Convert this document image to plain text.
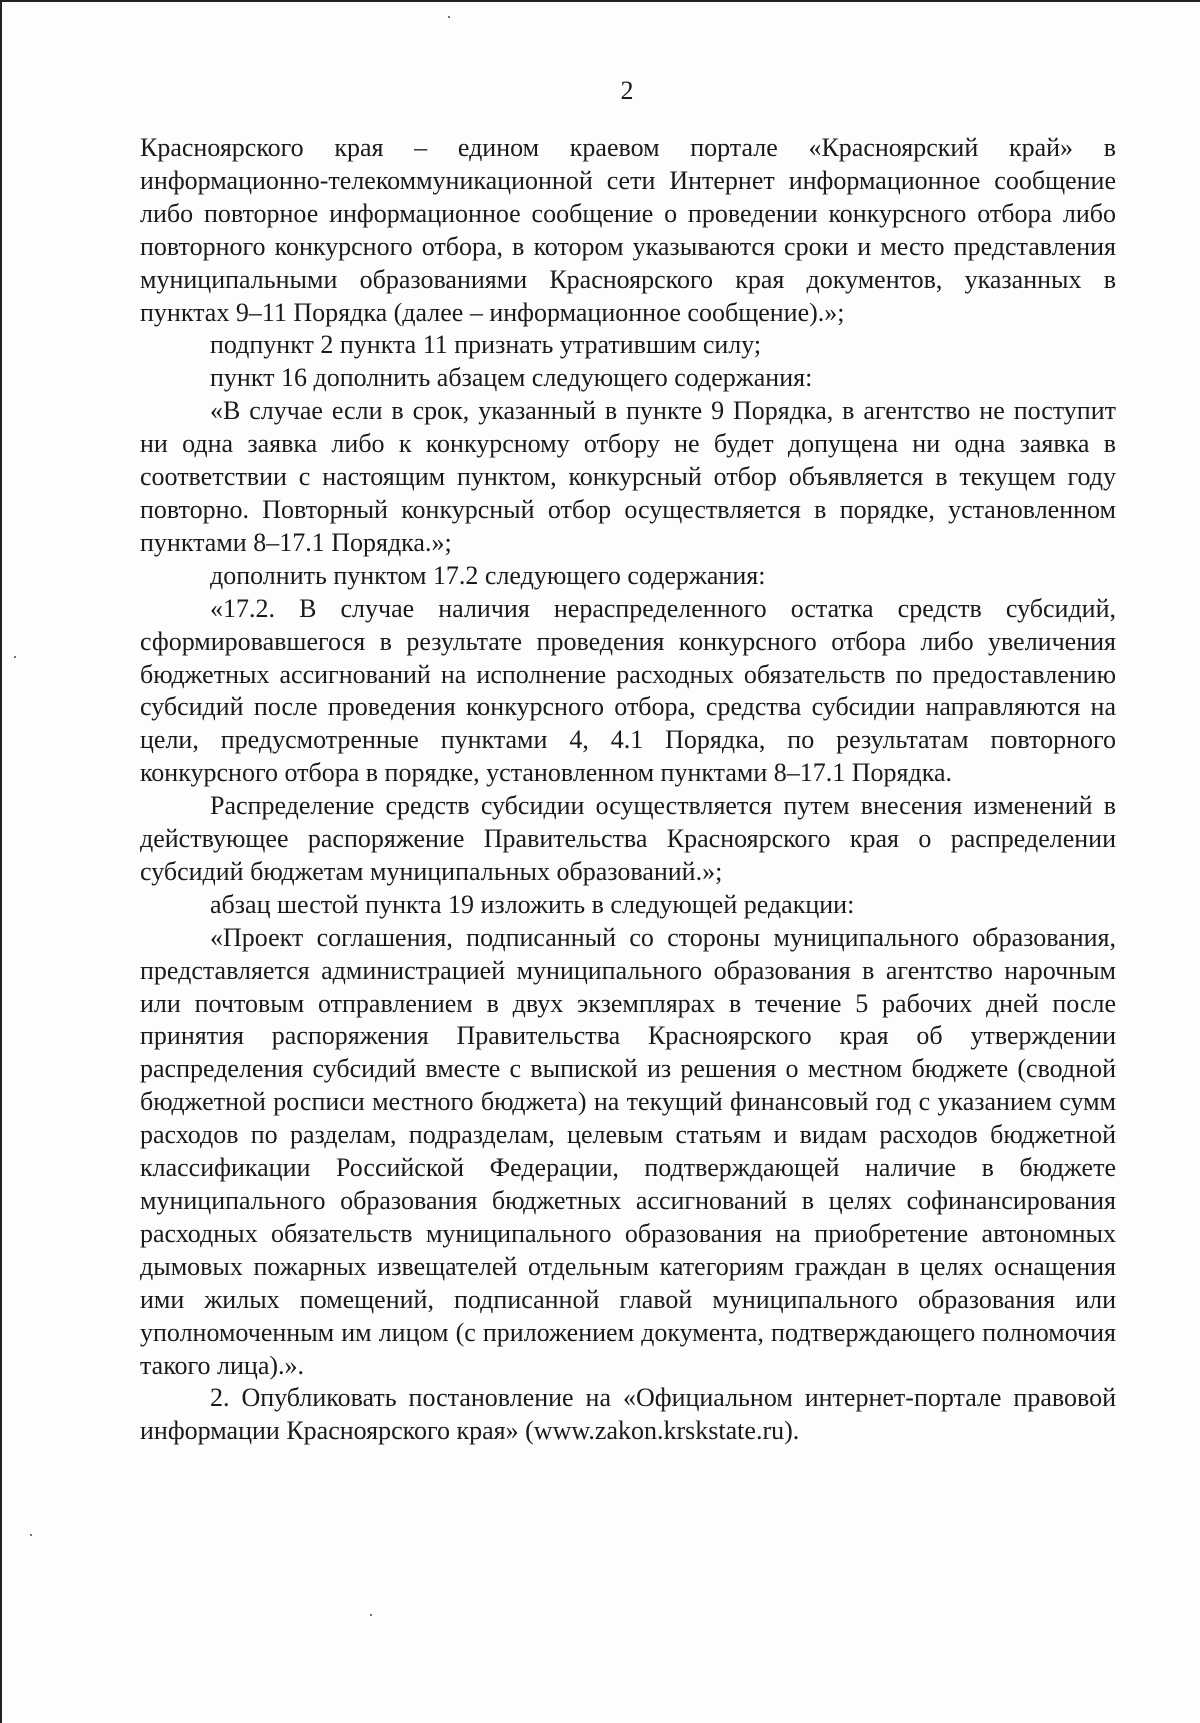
2

Красноярского края – едином краевом портале «Красноярский край» в информационно-телекоммуникационной сети Интернет информационное сообщение либо повторное информационное сообщение о проведении конкурсного отбора либо повторного конкурсного отбора, в котором указываются сроки и место представления муниципальными образованиями Красноярского края документов, указанных в пунктах 9–11 Порядка (далее – информационное сообщение).»;

подпункт 2 пункта 11 признать утратившим силу;

пункт 16 дополнить абзацем следующего содержания:

«В случае если в срок, указанный в пункте 9 Порядка, в агентство не поступит ни одна заявка либо к конкурсному отбору не будет допущена ни одна заявка в соответствии с настоящим пунктом, конкурсный отбор объявляется в текущем году повторно. Повторный конкурсный отбор осуществляется в порядке, установленном пунктами 8–17.1 Порядка.»;

дополнить пунктом 17.2 следующего содержания:

«17.2. В случае наличия нераспределенного остатка средств субсидий, сформировавшегося в результате проведения конкурсного отбора либо увеличения бюджетных ассигнований на исполнение расходных обязательств по предоставлению субсидий после проведения конкурсного отбора, средства субсидии направляются на цели, предусмотренные пунктами 4, 4.1 Порядка, по результатам повторного конкурсного отбора в порядке, установленном пунктами 8–17.1 Порядка.

Распределение средств субсидии осуществляется путем внесения изменений в действующее распоряжение Правительства Красноярского края о распределении субсидий бюджетам муниципальных образований.»;

абзац шестой пункта 19 изложить в следующей редакции:

«Проект соглашения, подписанный со стороны муниципального образования, представляется администрацией муниципального образования в агентство нарочным или почтовым отправлением в двух экземплярах в течение 5 рабочих дней после принятия распоряжения Правительства Красноярского края об утверждении распределения субсидий вместе с выпиской из решения о местном бюджете (сводной бюджетной росписи местного бюджета) на текущий финансовый год с указанием сумм расходов по разделам, подразделам, целевым статьям и видам расходов бюджетной классификации Российской Федерации, подтверждающей наличие в бюджете муниципального образования бюджетных ассигнований в целях софинансирования расходных обязательств муниципального образования на приобретение автономных дымовых пожарных извещателей отдельным категориям граждан в целях оснащения ими жилых помещений, подписанной главой муниципального образования или уполномоченным им лицом (с приложением документа, подтверждающего полномочия такого лица).».

2. Опубликовать постановление на «Официальном интернет-портале правовой информации Красноярского края» (www.zakon.krskstate.ru).
